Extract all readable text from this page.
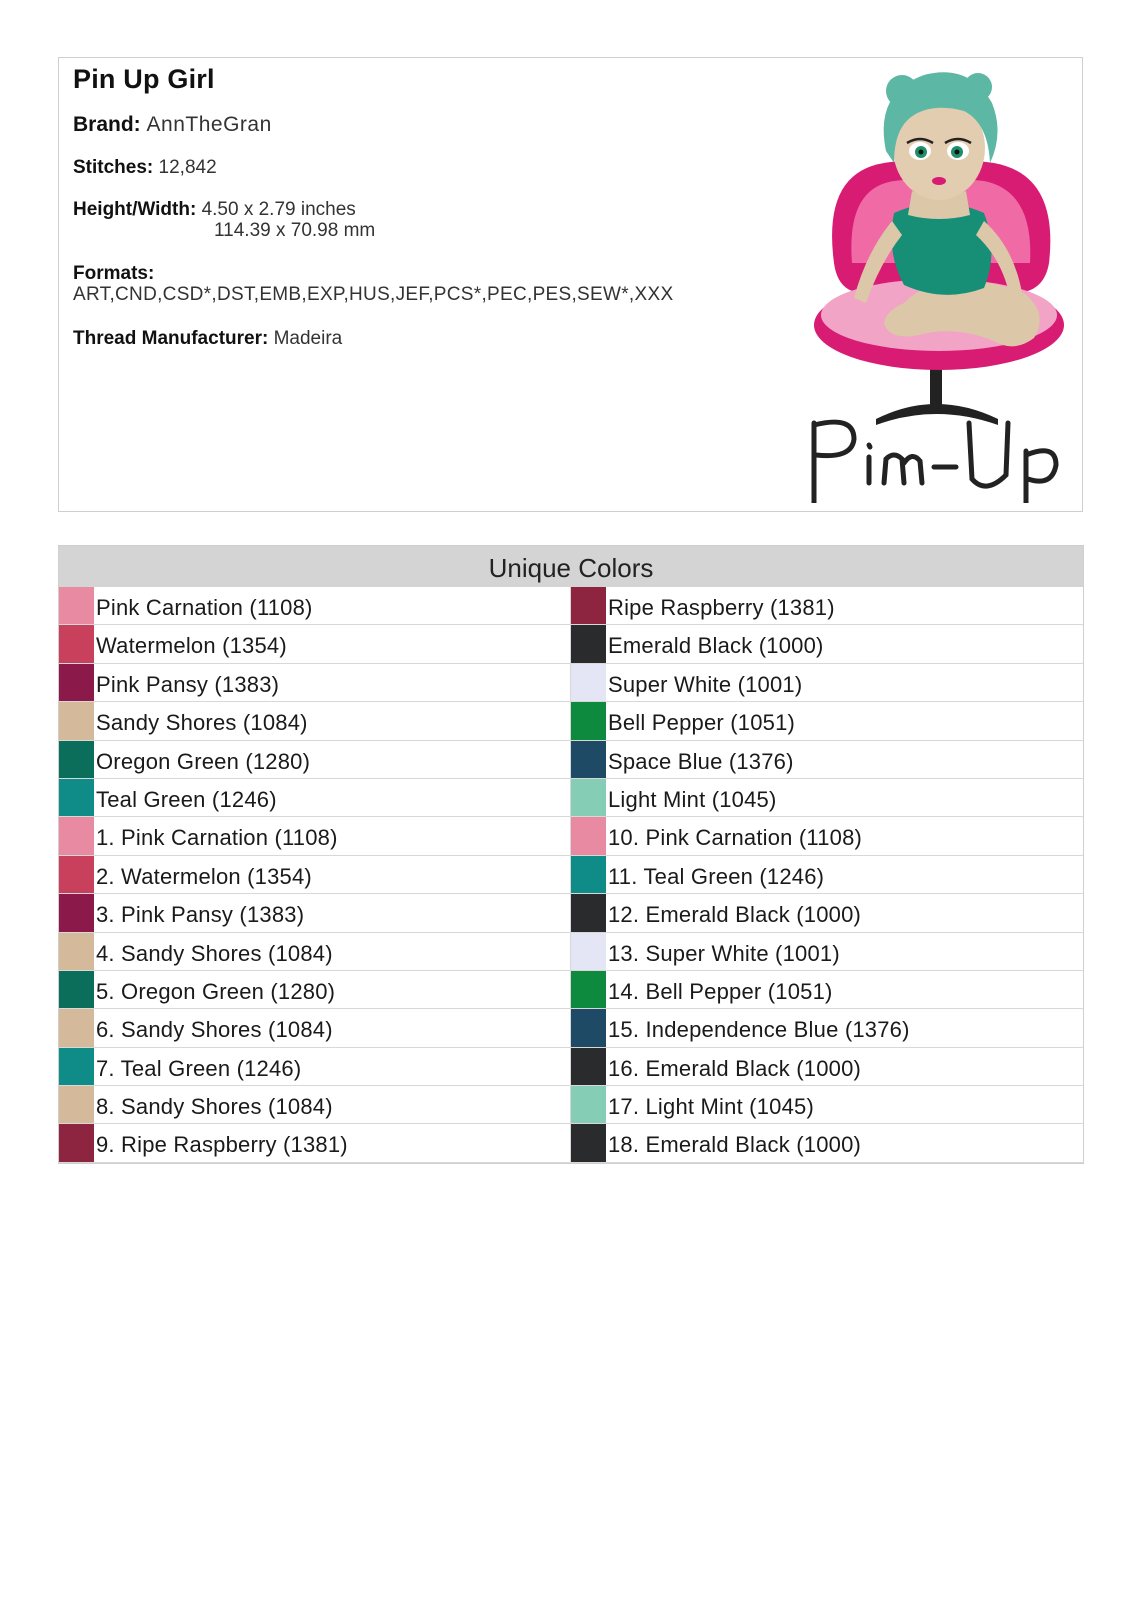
Pin Up Girl
Brand: AnnTheGran
Stitches: 12,842
Height/Width: 4.50 x 2.79 inches
114.39 x 70.98 mm
Formats:
ART,CND,CSD*,DST,EMB,EXP,HUS,JEF,PCS*,PEC,PES,SEW*,XXX
Thread Manufacturer: Madeira
Unique Colors
Pink Carnation (1108)
Watermelon (1354)
Pink Pansy (1383)
Sandy Shores (1084)
Oregon Green (1280)
Teal Green (1246)
1. Pink Carnation (1108)
2. Watermelon (1354)
3. Pink Pansy (1383)
4. Sandy Shores (1084)
5. Oregon Green (1280)
6. Sandy Shores (1084)
7. Teal Green (1246)
8. Sandy Shores (1084)
9. Ripe Raspberry (1381)
Ripe Raspberry (1381)
Emerald Black (1000)
Super White (1001)
Bell Pepper (1051)
Space Blue (1376)
Light Mint (1045)
10. Pink Carnation (1108)
11. Teal Green (1246)
12. Emerald Black (1000)
13. Super White (1001)
14. Bell Pepper (1051)
15. Independence Blue (1376)
16. Emerald Black (1000)
17. Light Mint (1045)
18. Emerald Black (1000)
